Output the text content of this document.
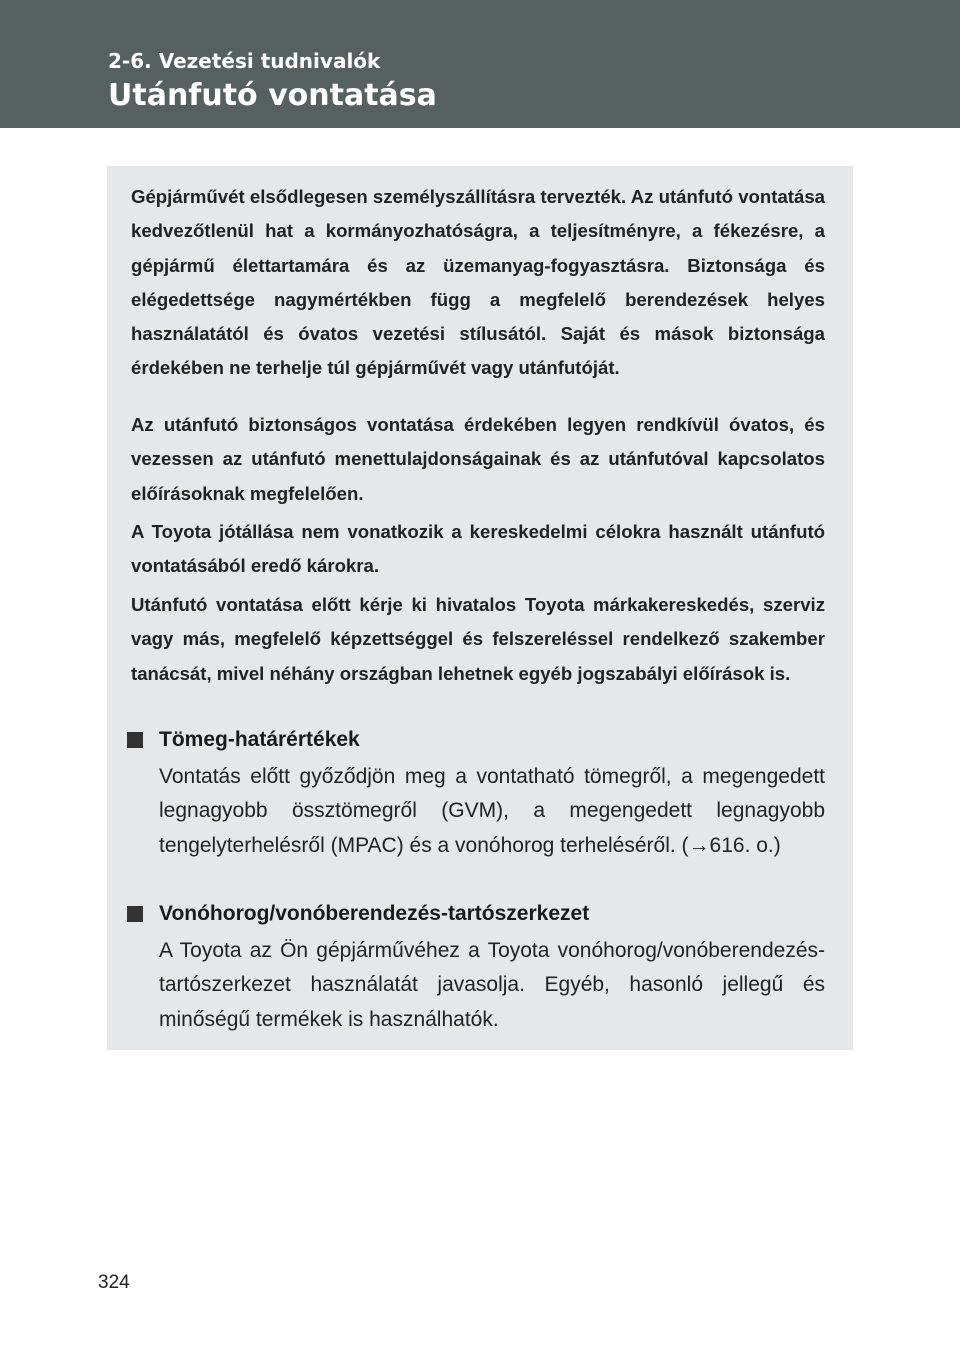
2-6. Vezetési tudnivalók
Utánfutó vontatása

Gépjárművét elsődlegesen személyszállításra tervezték. Az utánfutó vontatása kedvezőtlenül hat a kormányozhatóságra, a teljesítményre, a fékezésre, a gépjármű élettartamára és az üzemanyag-fogyasztásra. Biztonsága és elégedettsége nagymértékben függ a megfelelő berendezések helyes használatától és óvatos vezetési stílusától. Saját és mások biztonsága érdekében ne terhelje túl gépjárművét vagy utánfutóját.

Az utánfutó biztonságos vontatása érdekében legyen rendkívül óvatos, és vezessen az utánfutó menettulajdonságainak és az utánfutóval kapcsolatos előírásoknak megfelelően.

A Toyota jótállása nem vonatkozik a kereskedelmi célokra használt utánfutó vontatásából eredő károkra.

Utánfutó vontatása előtt kérje ki hivatalos Toyota márkakereskedés, szerviz vagy más, megfelelő képzettséggel és felszereléssel rendelkező szakember tanácsát, mivel néhány országban lehetnek egyéb jogszabályi előírások is.

Tömeg-határértékek

Vontatás előtt győződjön meg a vontatható tömegről, a megengedett legnagyobb össztömegről (GVM), a megengedett legnagyobb tengelyterhelésről (MPAC) és a vonóhorog terheléséről. (→616. o.)

Vonóhorog/vonóberendezés-tartószerkezet

A Toyota az Ön gépjárművéhez a Toyota vonóhorog/vonóberendezés-tartószerkezet használatát javasolja. Egyéb, hasonló jellegű és minőségű termékek is használhatók.

324
